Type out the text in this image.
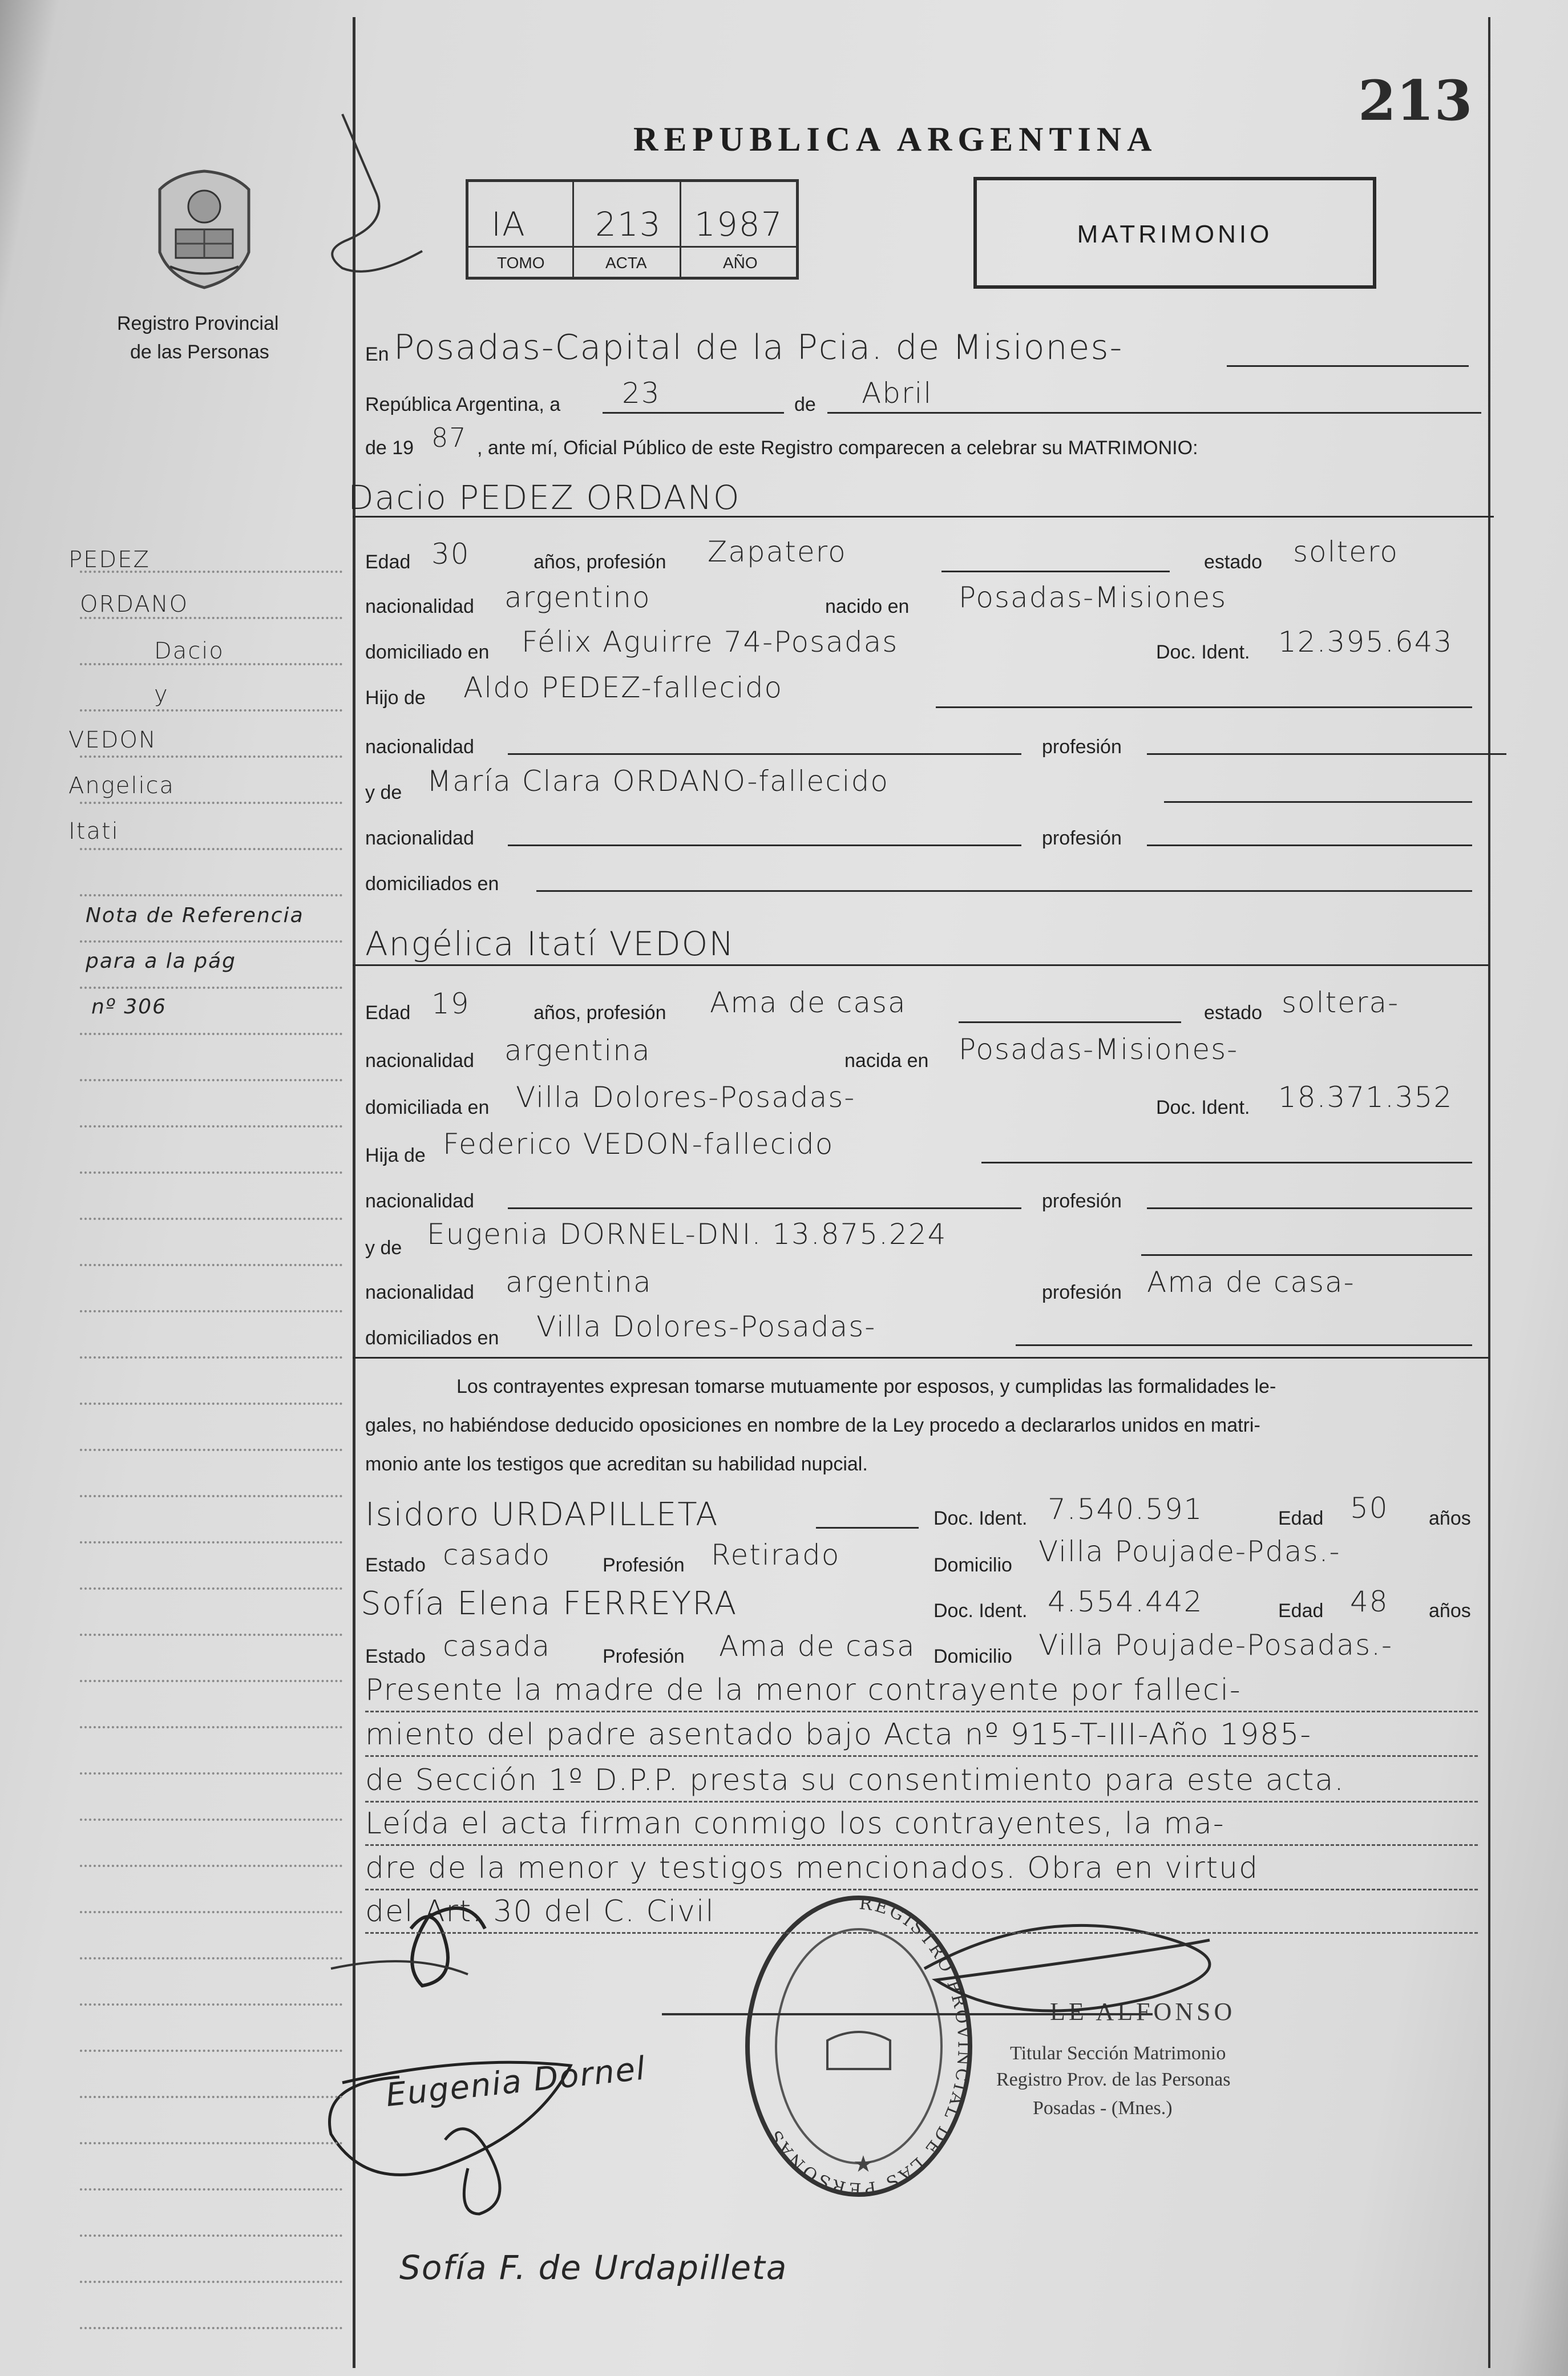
213
REPUBLICA ARGENTINA
IA 213 1987
TOMO	ACTA	AÑO
MATRIMONIO
Registro Provincial
de las Personas
PEDEZ
ORDANO
Dacio
y
VEDON
Angelica
Itati
Nota de Referencia
para a la pág
nº 306
En Posadas-Capital de la Pcia. de Misiones-
República Argentina, a 23	de Abril
de 19 87 , ante mí, Oficial Público de este Registro comparecen a celebrar su MATRIMONIO:
Dacio PEDEZ ORDANO
Edad 30	años, profesión Zapatero	estado soltero
nacionalidad argentino	nacido en Posadas-Misiones
domiciliado en Félix Aguirre 74-Posadas	Doc. Ident. 12.395.643
Hijo de Aldo PEDEZ-fallecido
nacionalidad	profesión
y de María Clara ORDANO-fallecido
nacionalidad	profesión
domiciliados en
Angélica Itatí VEDON
Edad 19	años, profesión Ama de casa	estado soltera-
nacionalidad argentina	nacida en Posadas-Misiones-
domiciliada en Villa Dolores-Posadas-	Doc. Ident. 18.371.352
Hija de Federico VEDON-fallecido
nacionalidad	profesión
y de Eugenia DORNEL-DNI. 13.875.224
nacionalidad argentina	profesión Ama de casa-
domiciliados en Villa Dolores-Posadas-
Los contrayentes expresan tomarse mutuamente por esposos, y cumplidas las formalidades le-
gales, no habiéndose deducido oposiciones en nombre de la Ley procedo a declararlos unidos en matri-
monio ante los testigos que acreditan su habilidad nupcial.
Isidoro URDAPILLETA	Doc. Ident. 7.540.591	Edad 50 años
Estado casado	Profesión Retirado	Domicilio Villa Poujade-Pdas.-
Sofía Elena FERREYRA	Doc. Ident. 4.554.442	Edad 48 años
Estado casada	Profesión Ama de casa Domicilio Villa Poujade-Posadas.-
REGISTRO PROVINCIAL DE LAS PERSONAS
★
LE ALFONSO
Titular Sección Matrimonio
Registro Prov. de las Personas
Posadas - (Mnes.)
Eugenia Dornel
Sofía F. de Urdapilleta
Presente la madre de la menor contrayente por falleci-
miento del padre asentado bajo Acta nº 915-T-III-Año 1985-
de Sección 1º D.P.P. presta su consentimiento para este acta.
Leída el acta firman conmigo los contrayentes, la ma-
dre de la menor y testigos mencionados. Obra en virtud
del Art. 30 del C. Civil
